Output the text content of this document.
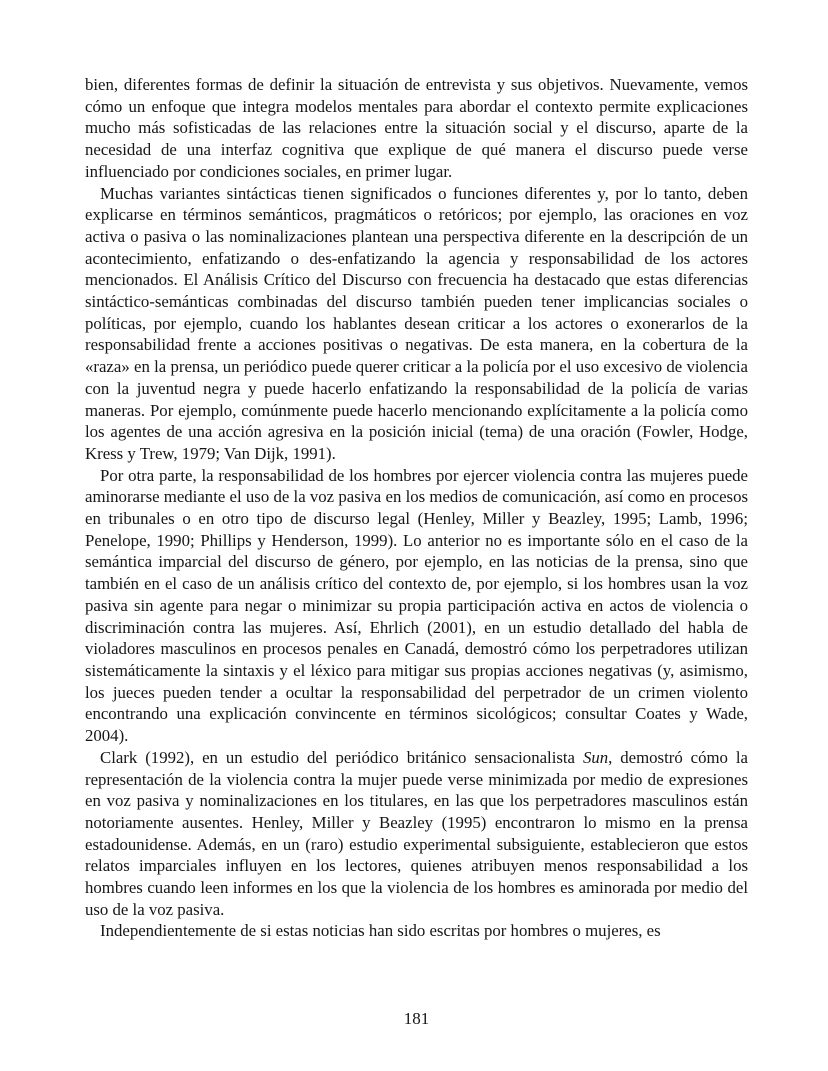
bien, diferentes formas de definir la situación de entrevista y sus objetivos. Nuevamente, vemos cómo un enfoque que integra modelos mentales para abordar el contexto permite explicaciones mucho más sofisticadas de las relaciones entre la situación social y el discurso, aparte de la necesidad de una interfaz cognitiva que explique de qué manera el discurso puede verse influenciado por condiciones sociales, en primer lugar.

Muchas variantes sintácticas tienen significados o funciones diferentes y, por lo tanto, deben explicarse en términos semánticos, pragmáticos o retóricos; por ejemplo, las oraciones en voz activa o pasiva o las nominalizaciones plantean una perspectiva diferente en la descripción de un acontecimiento, enfatizando o des-enfatizando la agencia y responsabilidad de los actores mencionados. El Análisis Crítico del Discurso con frecuencia ha destacado que estas diferencias sintáctico-semánticas combinadas del discurso también pueden tener implicancias sociales o políticas, por ejemplo, cuando los hablantes desean criticar a los actores o exonerarlos de la responsabilidad frente a acciones positivas o negativas. De esta manera, en la cobertura de la «raza» en la prensa, un periódico puede querer criticar a la policía por el uso excesivo de violencia con la juventud negra y puede hacerlo enfatizando la responsabilidad de la policía de varias maneras. Por ejemplo, comúnmente puede hacerlo mencionando explícitamente a la policía como los agentes de una acción agresiva en la posición inicial (tema) de una oración (Fowler, Hodge, Kress y Trew, 1979; Van Dijk, 1991).

Por otra parte, la responsabilidad de los hombres por ejercer violencia contra las mujeres puede aminorarse mediante el uso de la voz pasiva en los medios de comunicación, así como en procesos en tribunales o en otro tipo de discurso legal (Henley, Miller y Beazley, 1995; Lamb, 1996; Penelope, 1990; Phillips y Henderson, 1999). Lo anterior no es importante sólo en el caso de la semántica imparcial del discurso de género, por ejemplo, en las noticias de la prensa, sino que también en el caso de un análisis crítico del contexto de, por ejemplo, si los hombres usan la voz pasiva sin agente para negar o minimizar su propia participación activa en actos de violencia o discriminación contra las mujeres. Así, Ehrlich (2001), en un estudio detallado del habla de violadores masculinos en procesos penales en Canadá, demostró cómo los perpetradores utilizan sistemáticamente la sintaxis y el léxico para mitigar sus propias acciones negativas (y, asimismo, los jueces pueden tender a ocultar la responsabilidad del perpetrador de un crimen violento encontrando una explicación convincente en términos sicológicos; consultar Coates y Wade, 2004).

Clark (1992), en un estudio del periódico británico sensacionalista Sun, demostró cómo la representación de la violencia contra la mujer puede verse minimizada por medio de expresiones en voz pasiva y nominalizaciones en los titulares, en las que los perpetradores masculinos están notoriamente ausentes. Henley, Miller y Beazley (1995) encontraron lo mismo en la prensa estadounidense. Además, en un (raro) estudio experimental subsiguiente, establecieron que estos relatos imparciales influyen en los lectores, quienes atribuyen menos responsabilidad a los hombres cuando leen informes en los que la violencia de los hombres es aminorada por medio del uso de la voz pasiva.

Independientemente de si estas noticias han sido escritas por hombres o mujeres, es

181
